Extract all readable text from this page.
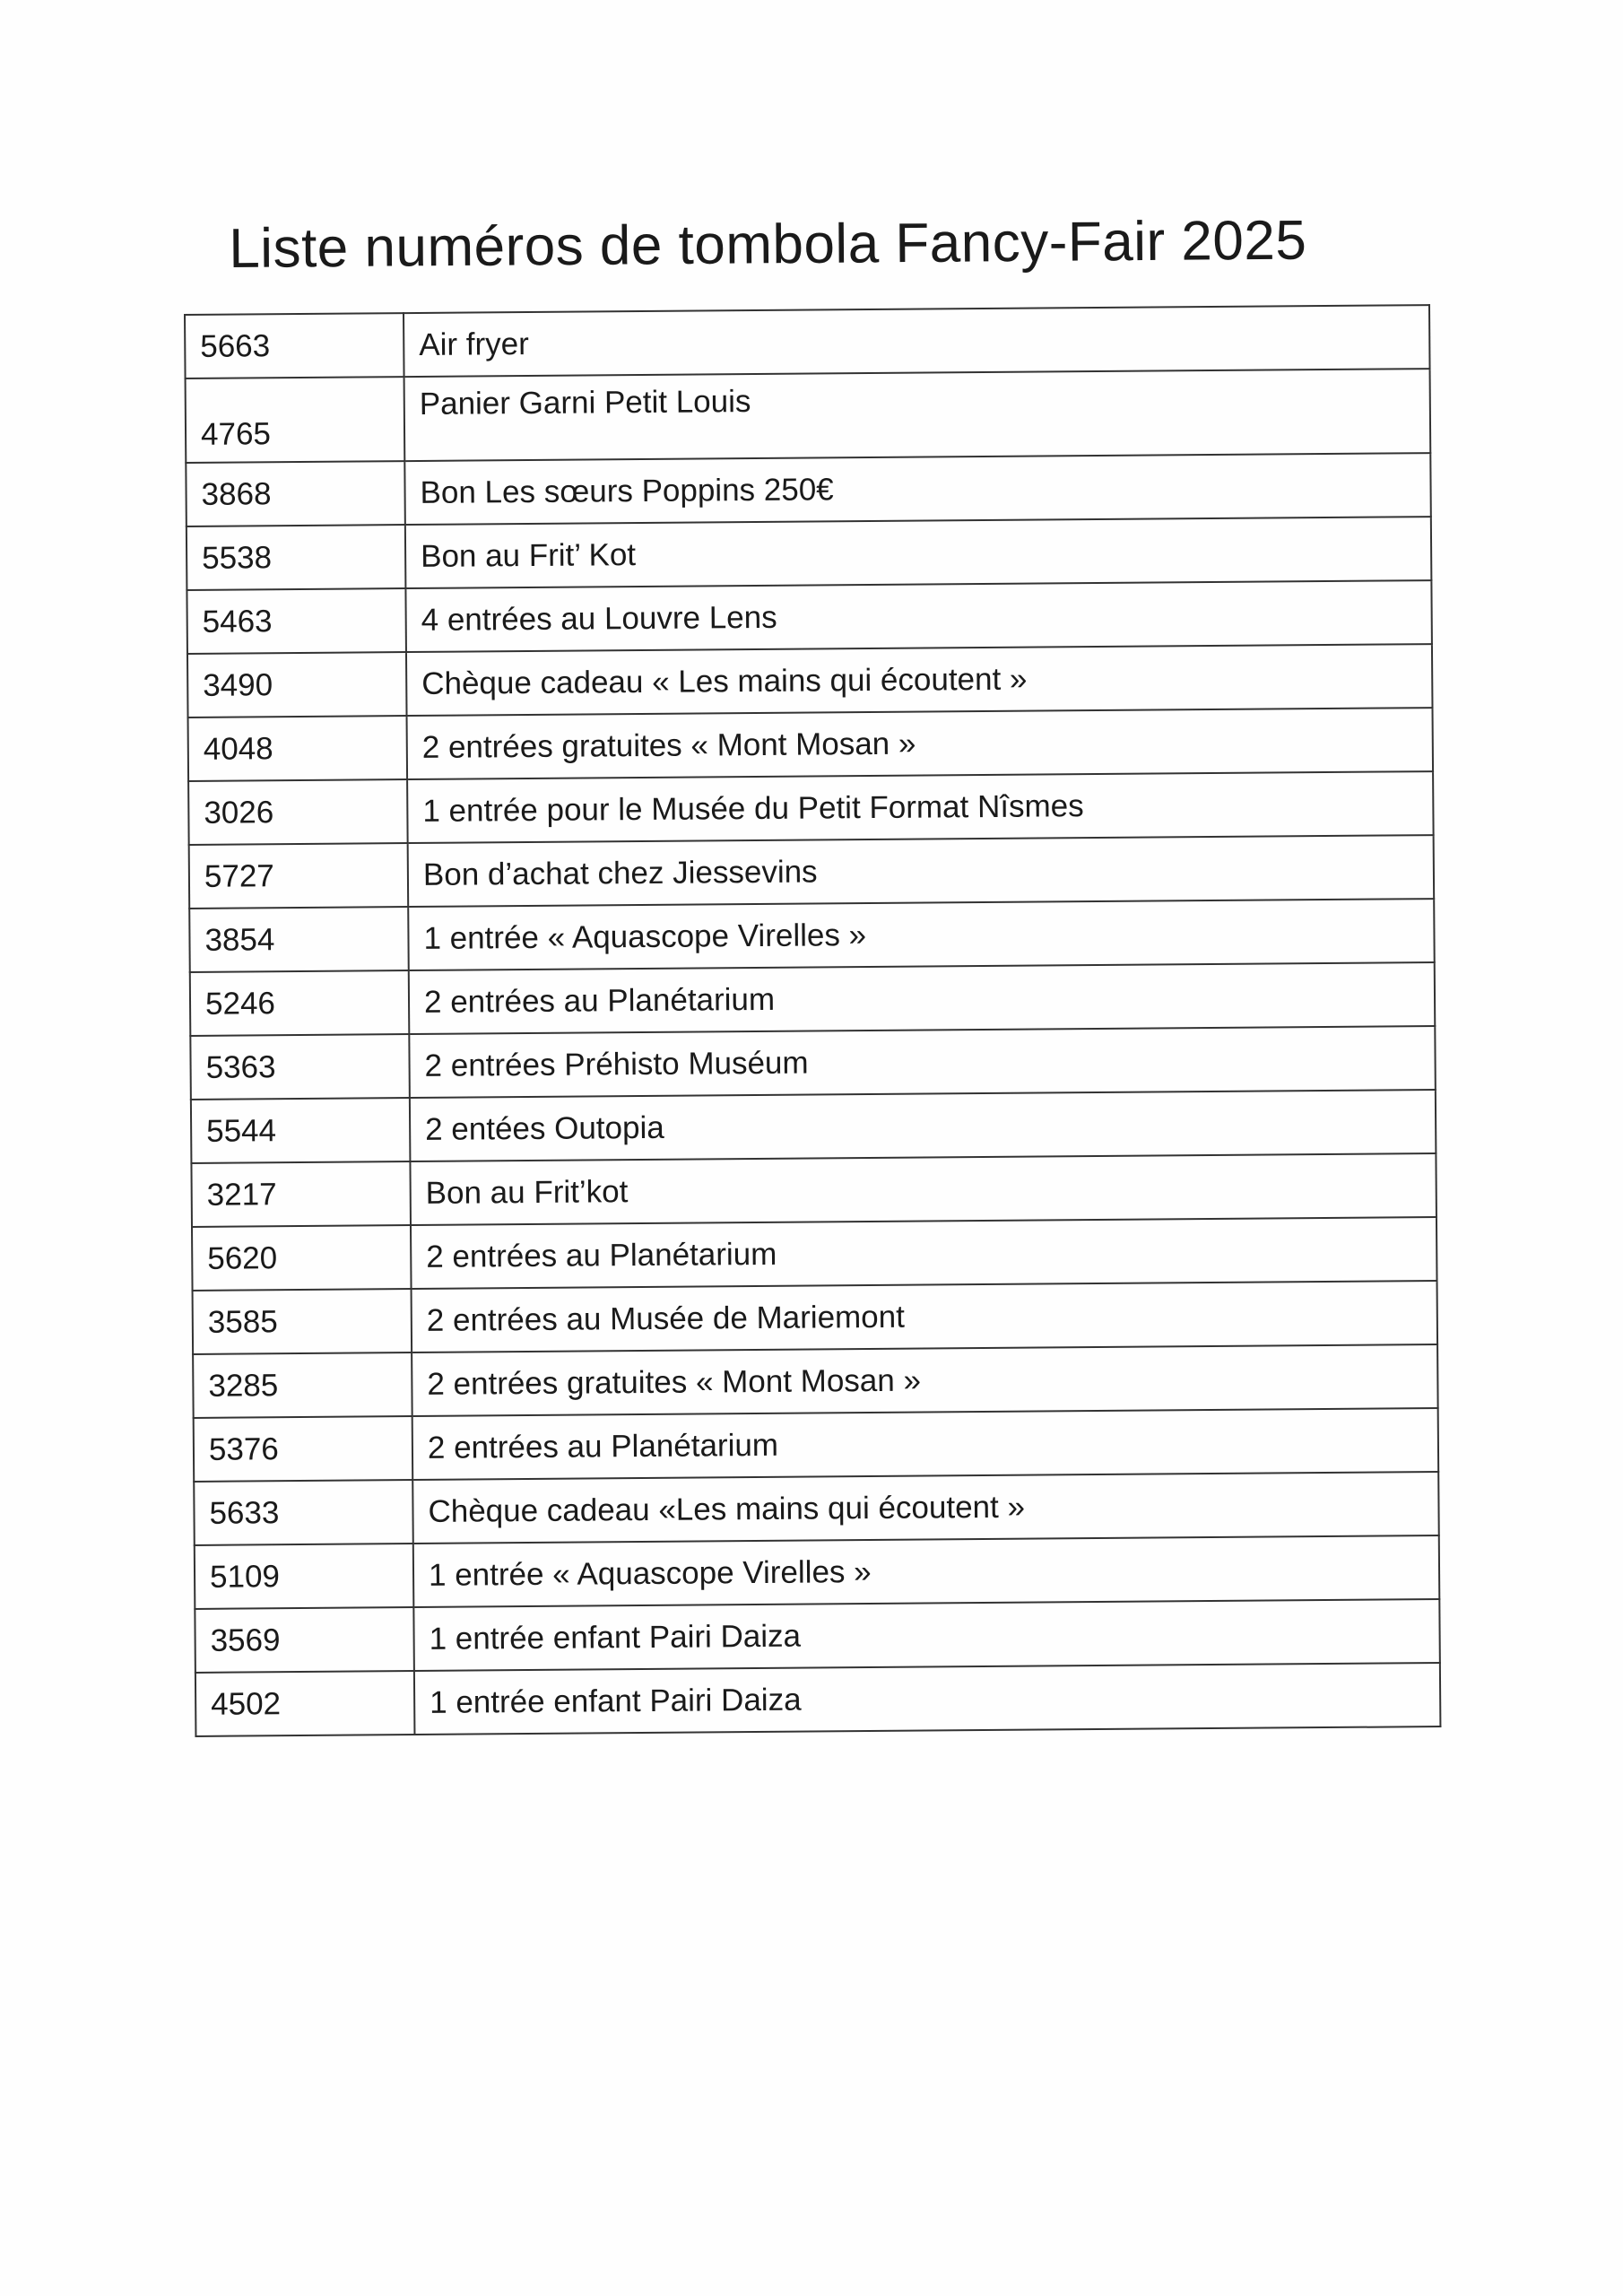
Liste numéros de tombola Fancy-Fair 2025
5663	Air fryer
4765	Panier Garni Petit Louis
3868	Bon Les sœurs Poppins 250€
5538	Bon au Frit’ Kot
5463	4 entrées au Louvre Lens
3490	Chèque cadeau « Les mains qui écoutent »
4048	2 entrées gratuites « Mont Mosan »
3026	1 entrée pour le Musée du Petit Format Nîsmes
5727	Bon d’achat chez Jiessevins
3854	1 entrée « Aquascope Virelles »
5246	2 entrées au Planétarium
5363	2 entrées Préhisto Muséum
5544	2 entées Outopia
3217	Bon au Frit’kot
5620	2 entrées au Planétarium
3585	2 entrées au Musée de Mariemont
3285	2 entrées gratuites « Mont Mosan »
5376	2 entrées au Planétarium
5633	Chèque cadeau «Les mains qui écoutent »
5109	1 entrée « Aquascope Virelles »
3569	1 entrée enfant Pairi Daiza
4502	1 entrée enfant Pairi Daiza
